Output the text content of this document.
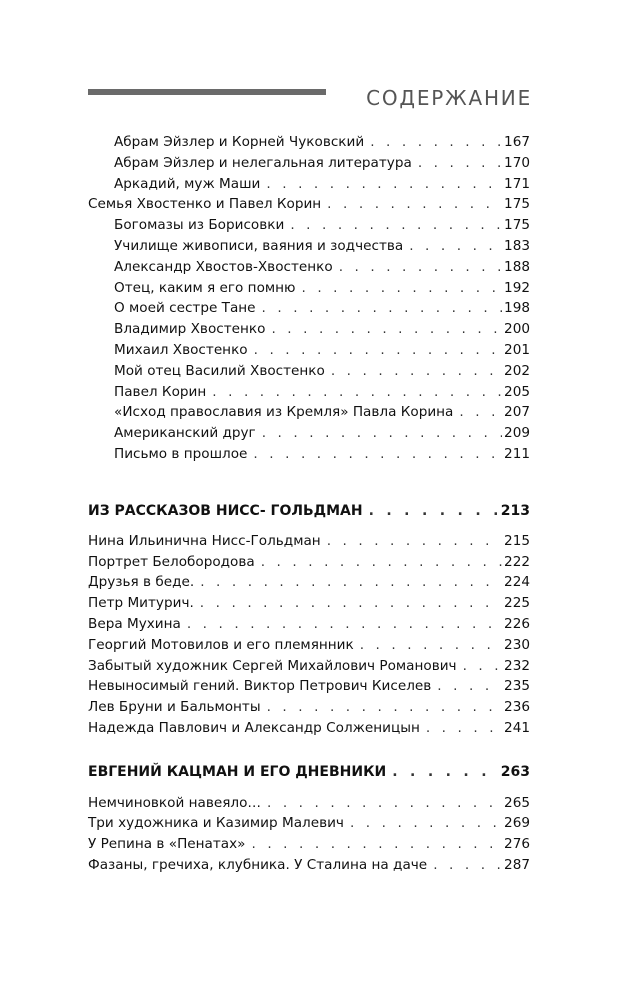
СОДЕРЖАНИЕ
Абрам Эйзлер и Корней Чуковский . . .	167
Абрам Эйзлер и нелегальная литература . . .	170
Аркадий, муж Маши . . .	171
Семья Хвостенко и Павел Корин . . .	175
Богомазы из Борисовки . . .	175
Училище живописи, ваяния и зодчества . . .	183
Александр Хвостов-Хвостенко . . .	188
Отец, каким я его помню . . .	192
О моей сестре Тане . . .	198
Владимир Хвостенко . . .	200
Михаил Хвостенко . . .	201
Мой отец Василий Хвостенко . . .	202
Павел Корин . . .	205
«Исход православия из Кремля» Павла Корина . . .	207
Американский друг . . .	209
Письмо в прошлое . . .	211
ИЗ РАССКАЗОВ НИСС- ГОЛЬДМАН . . .	213
Нина Ильинична Нисс-Гольдман . . .	215
Портрет Белобородова . . .	222
Друзья в беде. . . .	224
Петр Митурич. . . .	225
Вера Мухина . . .	226
Георгий Мотовилов и его племянник . . .	230
Забытый художник Сергей Михайлович Романович . . .	232
Невыносимый гений. Виктор Петрович Киселев . . .	235
Лев Бруни и Бальмонты . . .	236
Надежда Павлович и Александр Солженицын . . .	241
ЕВГЕНИЙ КАЦМАН И ЕГО ДНЕВНИКИ . . .	263
Немчиновкой навеяло… . . .	265
Три художника и Казимир Малевич . . .	269
У Репина в «Пенатах» . . .	276
Фазаны, гречиха, клубника. У Сталина на даче . . .	287
